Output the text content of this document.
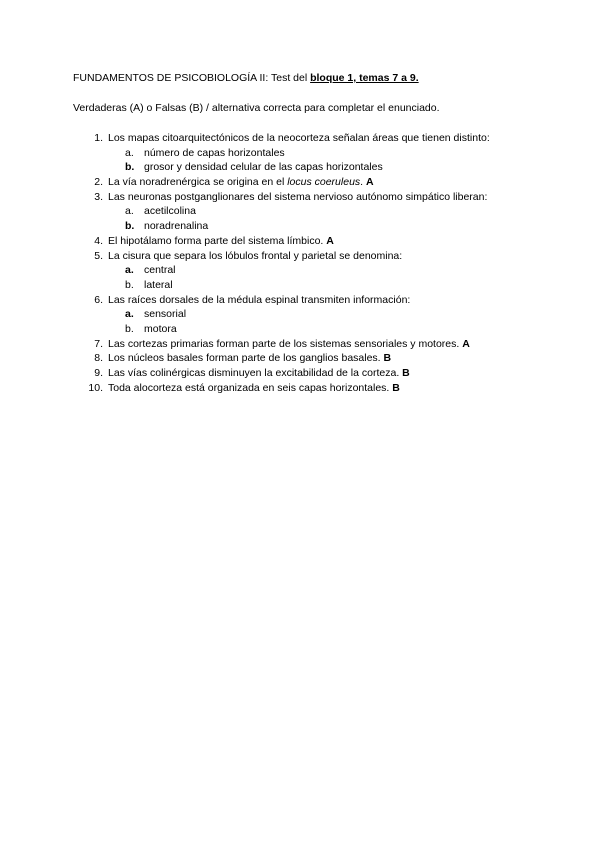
FUNDAMENTOS DE PSICOBIOLOGÍA II: Test del bloque 1, temas 7 a 9.
Verdaderas (A) o Falsas (B) / alternativa correcta para completar el enunciado.
1. Los mapas citoarquitectónicos de la neocorteza señalan áreas que tienen distinto:
a. número de capas horizontales
b. grosor y densidad celular de las capas horizontales
2. La vía noradrenérgica se origina en el locus coeruleus. A
3. Las neuronas postganglionares del sistema nervioso autónomo simpático liberan:
a. acetilcolina
b. noradrenalina
4. El hipotálamo forma parte del sistema límbico. A
5. La cisura que separa los lóbulos frontal y parietal se denomina:
a. central
b. lateral
6. Las raíces dorsales de la médula espinal transmiten información:
a. sensorial
b. motora
7. Las cortezas primarias forman parte de los sistemas sensoriales y motores. A
8. Los núcleos basales forman parte de los ganglios basales. B
9. Las vías colinérgicas disminuyen la excitabilidad de la corteza. B
10. Toda alocorteza está organizada en seis capas horizontales. B
